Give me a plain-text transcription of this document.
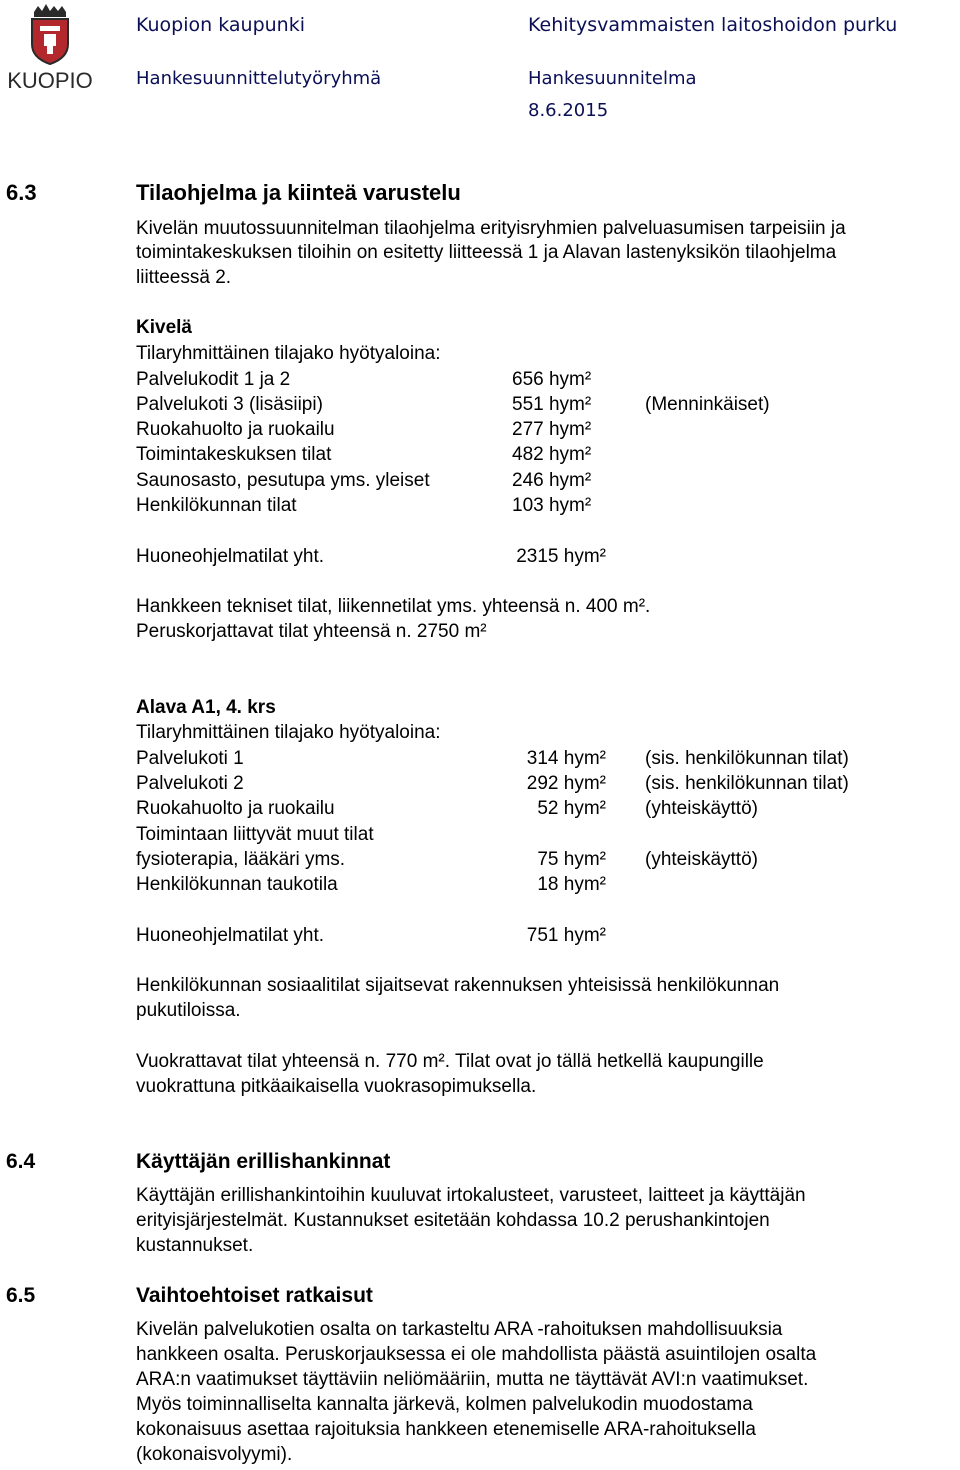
KUOPIO
Kuopion kaupunki
Hankesuunnittelutyöryhmä
Kehitysvammaisten laitoshoidon purku
Hankesuunnitelma
8.6.2015
6.3	Tilaohjelma ja kiinteä varustelu
Kivelän muutossuunnitelman tilaohjelma erityisryhmien palveluasumisen tarpeisiin ja
toimintakeskuksen tiloihin on esitetty liitteessä 1 ja Alavan lastenyksikön tilaohjelma
liitteessä 2.
Kivelä
Tilaryhmittäinen tilajako hyötyaloina:
Palvelukodit 1 ja 2	656 hym²
Palvelukoti 3 (lisäsiipi)	551 hym²	(Menninkäiset)
Ruokahuolto ja ruokailu	277 hym²
Toimintakeskuksen tilat	482 hym²
Saunosasto, pesutupa yms. yleiset	246 hym²
Henkilökunnan tilat	103 hym²
Huoneohjelmatilat yht.	2315 hym²
Hankkeen tekniset tilat, liikennetilat yms. yhteensä n. 400 m².
Peruskorjattavat tilat yhteensä n. 2750 m²
Alava A1, 4. krs
Tilaryhmittäinen tilajako hyötyaloina:
Palvelukoti 1	314 hym² (sis. henkilökunnan tilat)
Palvelukoti 2	292 hym² (sis. henkilökunnan tilat)
Ruokahuolto ja ruokailu	52 hym² (yhteiskäyttö)
Toimintaan liittyvät muut tilat
fysioterapia, lääkäri yms.	75 hym² (yhteiskäyttö)
Henkilökunnan taukotila	18 hym²
Huoneohjelmatilat yht.	751 hym²
Henkilökunnan sosiaalitilat sijaitsevat rakennuksen yhteisissä henkilökunnan
pukutiloissa.
Vuokrattavat tilat yhteensä n. 770 m². Tilat ovat jo tällä hetkellä kaupungille
vuokrattuna pitkäaikaisella vuokrasopimuksella.
6.4	Käyttäjän erillishankinnat
Käyttäjän erillishankintoihin kuuluvat irtokalusteet, varusteet, laitteet ja käyttäjän
erityisjärjestelmät. Kustannukset esitetään kohdassa 10.2 perushankintojen
kustannukset.
6.5	Vaihtoehtoiset ratkaisut
Kivelän palvelukotien osalta on tarkasteltu ARA -rahoituksen mahdollisuuksia
hankkeen osalta. Peruskorjauksessa ei ole mahdollista päästä asuintilojen osalta
ARA:n vaatimukset täyttäviin neliömääriin, mutta ne täyttävät AVI:n vaatimukset.
Myös toiminnalliselta kannalta järkevä, kolmen palvelukodin muodostama
kokonaisuus asettaa rajoituksia hankkeen etenemiselle ARA-rahoituksella
(kokonaisvolyymi).
